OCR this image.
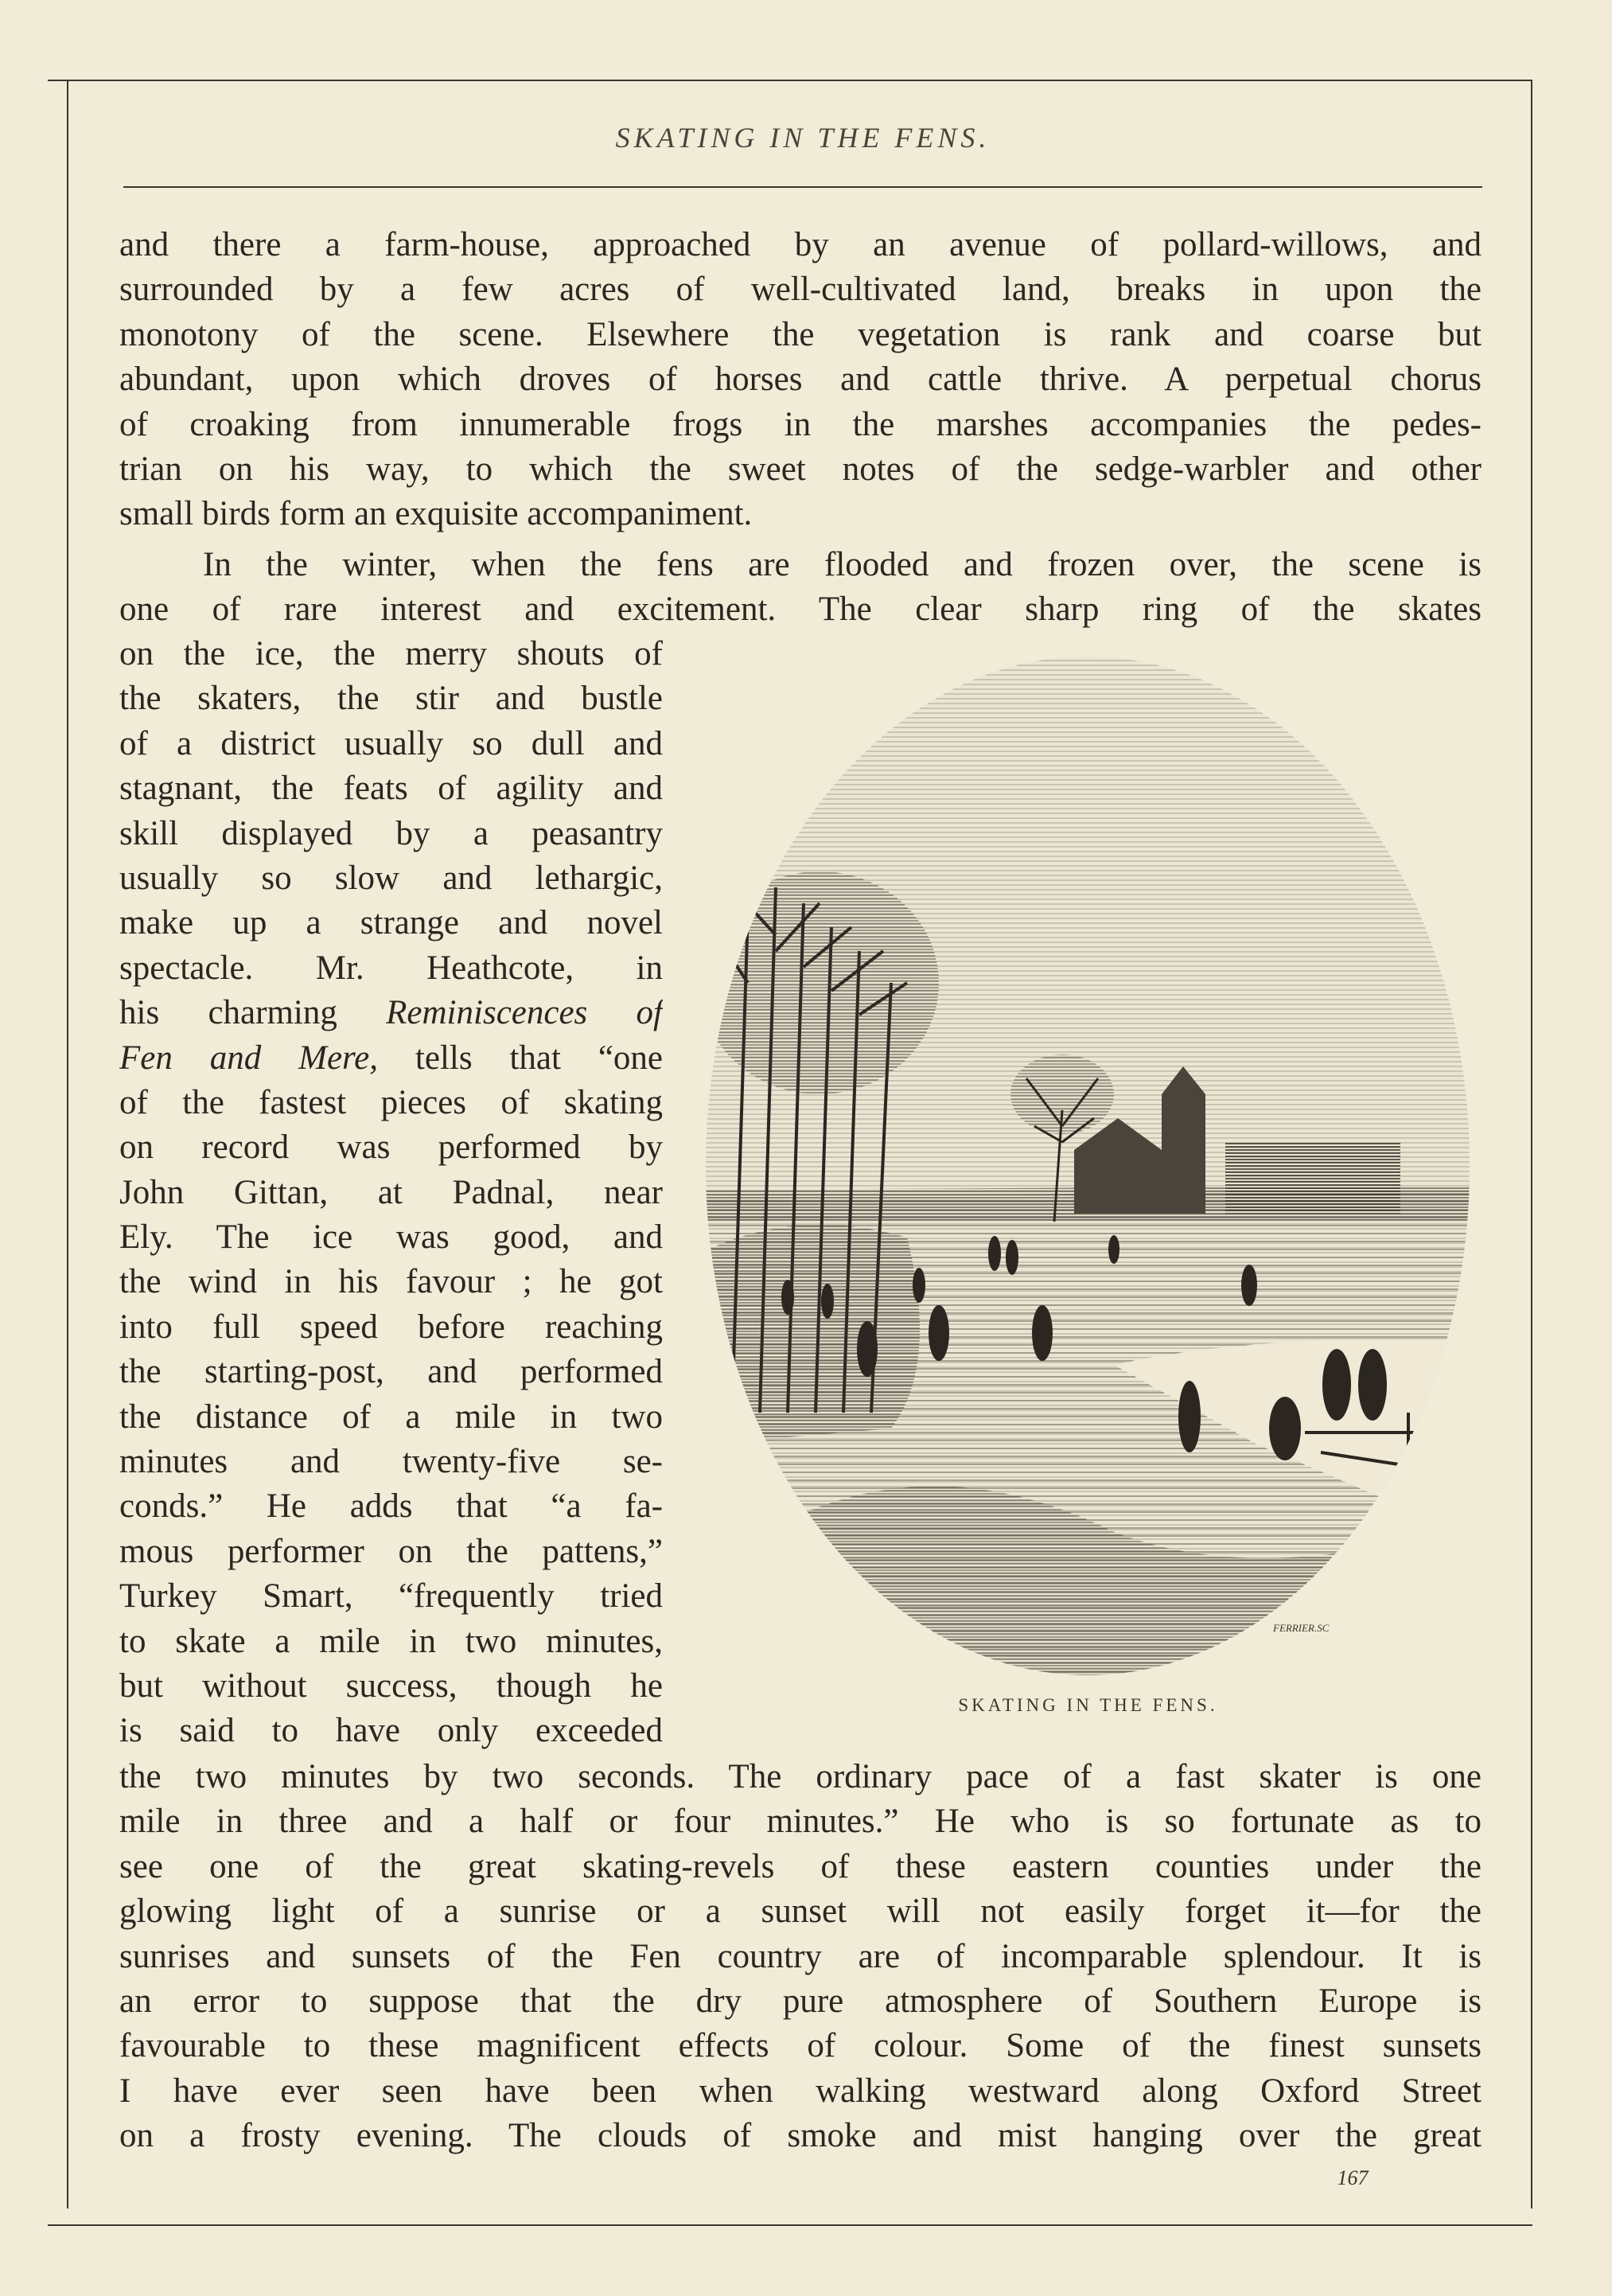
SKATING IN THE FENS.
and there a farm-house, approached by an avenue of pollard-willows, and
surrounded by a few acres of well-cultivated land, breaks in upon the
monotony of the scene. Elsewhere the vegetation is rank and coarse but
abundant, upon which droves of horses and cattle thrive. A perpetual chorus
of croaking from innumerable frogs in the marshes accompanies the pedes-
trian on his way, to which the sweet notes of the sedge-warbler and other
small birds form an exquisite accompaniment.
In the winter, when the fens are flooded and frozen over, the scene is
one of rare interest and excitement. The clear sharp ring of the skates
on the ice, the merry shouts of
the skaters, the stir and bustle
of a district usually so dull and
stagnant, the feats of agility and
skill displayed by a peasantry
usually so slow and lethargic,
make up a strange and novel
spectacle. Mr. Heathcote, in
his charming Reminiscences of
Fen and Mere, tells that “one
of the fastest pieces of skating
on record was performed by
John Gittan, at Padnal, near
Ely. The ice was good, and
the wind in his favour ; he got
into full speed before reaching
the starting-post, and performed
the distance of a mile in two
minutes and twenty-five se-
conds.” He adds that “a fa-
mous performer on the pattens,”
Turkey Smart, “frequently tried
to skate a mile in two minutes,
but without success, though he
is said to have only exceeded
FERRIER.SC
SKATING IN THE FENS.
the two minutes by two seconds. The ordinary pace of a fast skater is one
mile in three and a half or four minutes.” He who is so fortunate as to
see one of the great skating-revels of these eastern counties under the
glowing light of a sunrise or a sunset will not easily forget it—for the
sunrises and sunsets of the Fen country are of incomparable splendour. It is
an error to suppose that the dry pure atmosphere of Southern Europe is
favourable to these magnificent effects of colour. Some of the finest sunsets
I have ever seen have been when walking westward along Oxford Street
on a frosty evening. The clouds of smoke and mist hanging over the great
167
